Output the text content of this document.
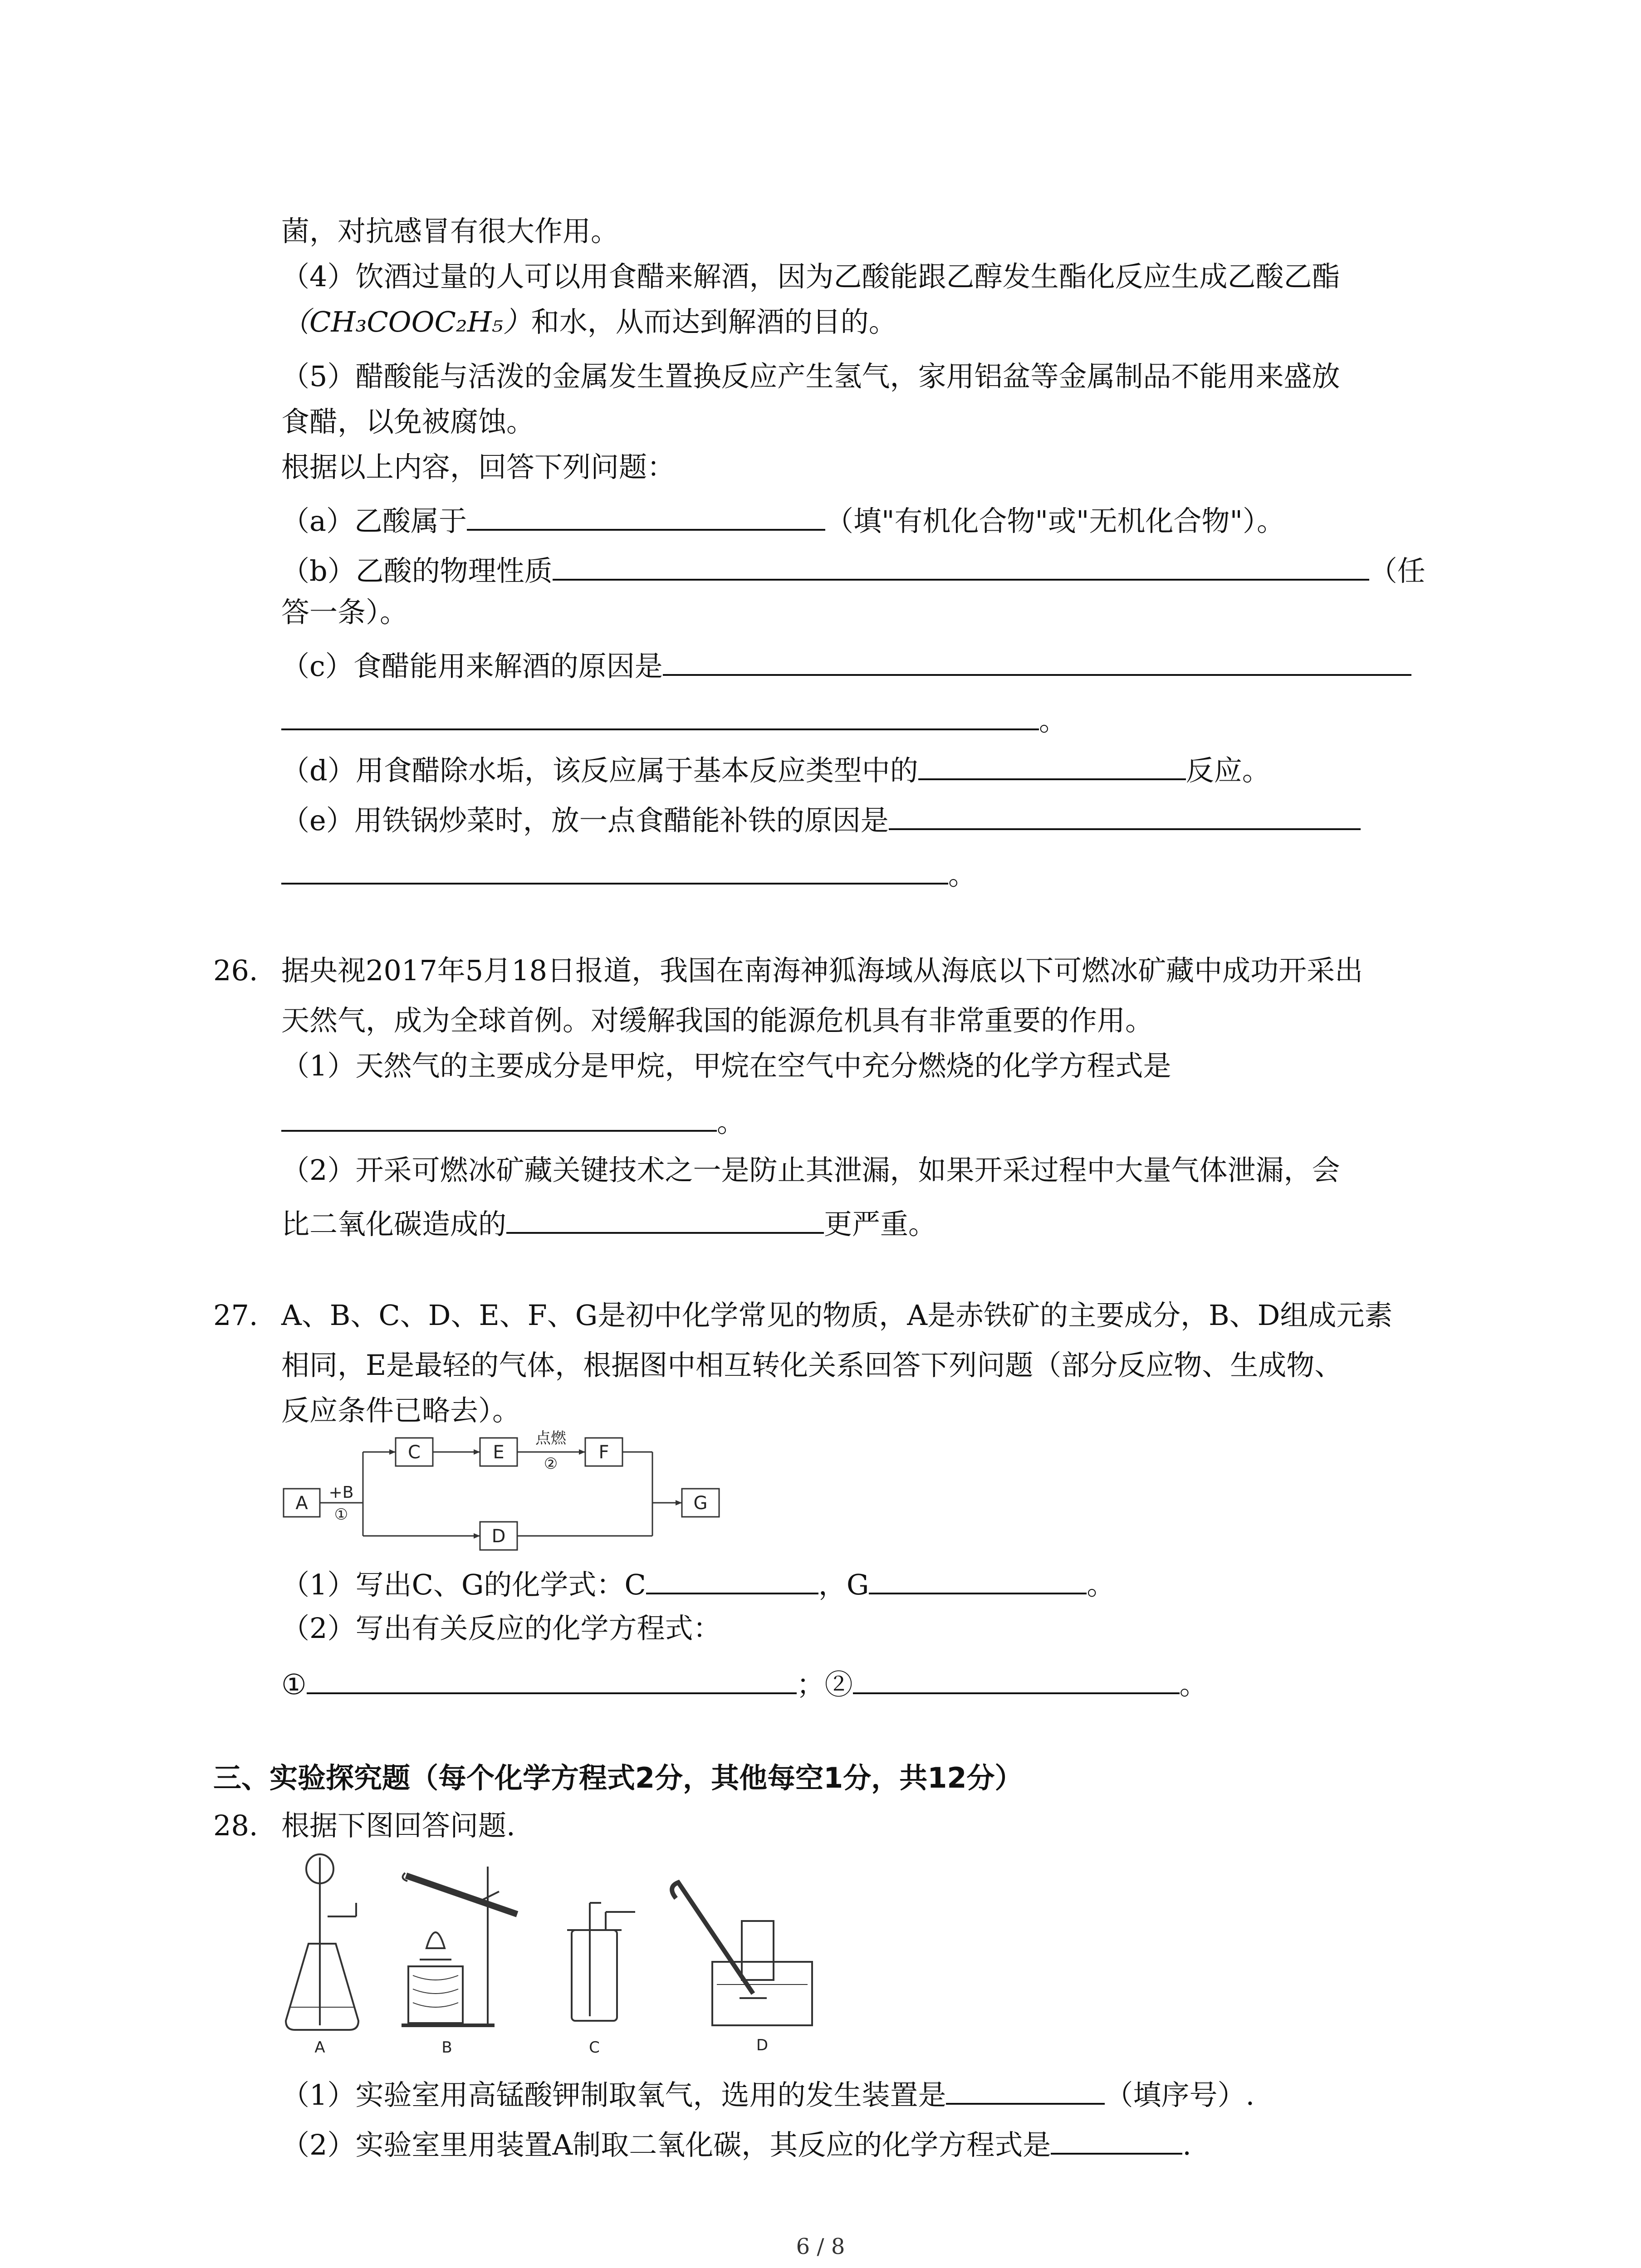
菌，对抗感冒有很大作用。
（4）饮酒过量的人可以用食醋来解酒，因为乙酸能跟乙醇发生酯化反应生成乙酸乙酯
（CH₃COOC₂H₅）和水，从而达到解酒的目的。
（5）醋酸能与活泼的金属发生置换反应产生氢气，家用铝盆等金属制品不能用来盛放
食醋，以免被腐蚀。
根据以上内容，回答下列问题：
（a）乙酸属于	（填"有机化合物"或"无机化合物"）。
（b）乙酸的物理性质	（任
答一条）。
（c）食醋能用来解酒的原因是
。
（d）用食醋除水垢，该反应属于基本反应类型中的	反应。
（e）用铁锅炒菜时，放一点食醋能补铁的原因是
。
26. 据央视2017年5月18日报道，我国在南海神狐海域从海底以下可燃冰矿藏中成功开采出
天然气，成为全球首例。对缓解我国的能源危机具有非常重要的作用。
（1）天然气的主要成分是甲烷，甲烷在空气中充分燃烧的化学方程式是
。
（2）开采可燃冰矿藏关键技术之一是防止其泄漏，如果开采过程中大量气体泄漏，会
比二氧化碳造成的	更严重。
27. A、B、C、D、E、F、G是初中化学常见的物质，A是赤铁矿的主要成分，B、D组成元素
相同，E是最轻的气体，根据图中相互转化关系回答下列问题（部分反应物、生成物、
反应条件已略去）。
A
C	E	F
D
G
+B
①
点燃
②
（1）写出C、G的化学式：C	，G	。
（2）写出有关反应的化学方程式：
①	；②	。
三、实验探究题（每个化学方程式2分，其他每空1分，共12分）
28. 根据下图回答问题.
A	B	C	D
（1）实验室用高锰酸钾制取氧气，选用的发生装置是	（填序号）.
（2）实验室里用装置A制取二氧化碳，其反应的化学方程式是	.
6 / 8
